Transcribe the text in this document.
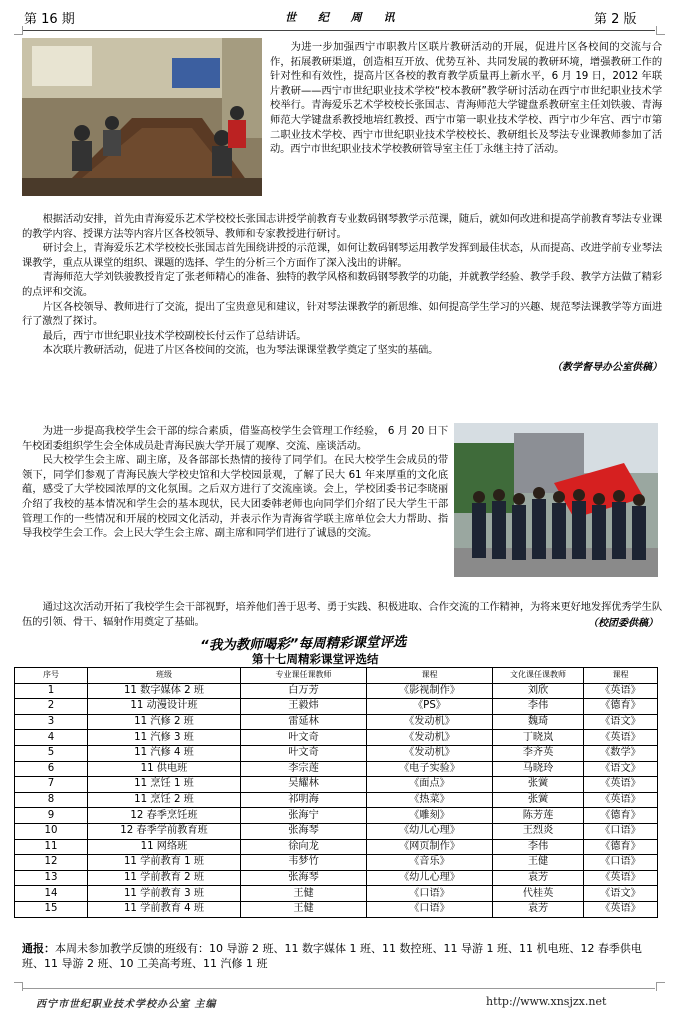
第 16 期	世 纪 周 讯	第 2 版

为进一步加强西宁市职教片区联片教研活动的开展，促进片区各校间的交流与合作，拓展教研渠道，创造相互开放、优势互补、共同发展的教研环境，增强教研工作的针对性和有效性，提高片区各校的教育教学质量再上新水平，6 月 19 日，2012 年联片教研——西宁市世纪职业技术学校“校本教研”教学研讨活动在西宁市世纪职业技术学校举行。青海爱乐艺术学校校长张国志、青海师范大学键盘系教研室主任刘铁骏、青海师范大学键盘系教授地培红教授、西宁市第一职业技术学校、西宁市少年宫、西宁市第二职业技术学校、西宁市世纪职业技术学校校长、教研组长及琴法专业课教师参加了活动。西宁市世纪职业技术学校教研管导室主任丁永继主持了活动。

根据活动安排，首先由青海爱乐艺术学校校长张国志讲授学前教育专业数码钢琴教学示范课，随后，就如何改进和提高学前教育琴法专业课的教学内容、授课方法等内容片区各校领导、教师和专家教授进行研讨。

研讨会上，青海爱乐艺术学校校长张国志首先围绕讲授的示范课，如何让数码钢琴运用教学发挥到最佳状态，从而提高、改进学前专业琴法课教学，重点从课堂的组织、课题的选择、学生的分析三个方面作了深入浅出的讲解。

青海师范大学刘铁骏教授肯定了张老师精心的准备、独特的教学风格和数码钢琴教学的功能，并就教学经验、教学手段、教学方法做了精彩的点评和交流。

片区各校领导、教师进行了交流，提出了宝贵意见和建议，针对琴法课教学的新思维、如何提高学生学习的兴趣、规范琴法课教学等方面进行了激烈了探讨。

最后，西宁市世纪职业技术学校副校长付云作了总结讲话。

本次联片教研活动，促进了片区各校间的交流，也为琴法课课堂教学奠定了坚实的基础。

（教学督导办公室供稿）

为进一步提高我校学生会干部的综合素质，借鉴高校学生会管理工作经验， 6 月 20 日下午校团委组织学生会全体成员赴青海民族大学开展了观摩、交流、座谈活动。

民大校学生会主席、副主席，及各部部长热情的接待了同学们。在民大校学生会成员的带领下，同学们参观了青海民族大学校史馆和大学校园景观，了解了民大 61 年来厚重的文化底蕴，感受了大学校园浓厚的文化氛围。之后双方进行了交流座谈。会上，学校团委书记李晓丽介绍了我校的基本情况和学生会的基本现状，民大团委韩老师也向同学们介绍了民大学生干部管理工作的一些情况和开展的校园文化活动，并表示作为青海省学联主席单位会大力帮助、指导我校学生会工作。会上民大学生会主席、副主席和同学们进行了诚恳的交流。

通过这次活动开拓了我校学生会干部视野，培养他们善于思考、勇于实践、积极进取、合作交流的工作精神，为将来更好地发挥优秀学生队伍的引领、骨干、辐射作用奠定了基础。	（校团委供稿）
“我为教师喝彩”每周精彩课堂评选
第十七周精彩课堂评选结
序号	班级	专业课任课教师	课程	文化课任课教师	课程
1	11 数字媒体 2 班	白万芳	《影视制作》	刘欣	《英语》
2	11 动漫设计班	王毅炜	《PS》	李伟	《德育》
3	11 汽修 2 班	雷延林	《发动机》	魏琦	《语文》
4	11 汽修 3 班	叶文奇	《发动机》	丁晓岚	《英语》
5	11 汽修 4 班	叶文奇	《发动机》	李齐英	《数学》
6	11 供电班	李宗莲	《电子实验》	马晓玲	《语文》
7	11 烹饪 1 班	吴耀林	《面点》	张黉	《英语》
8	11 烹饪 2 班	祁明海	《热菜》	张黉	《英语》
9	12 春季烹饪班	张海宁	《雕刻》	陈芳莲	《德育》
10	12 春季学前教育班	张海琴	《幼儿心理》	王烈炎	《口语》
11	11 网络班	徐向龙	《网页制作》	李伟	《德育》
12	11 学前教育 1 班	韦梦竹	《音乐》	王健	《口语》
13	11 学前教育 2 班	张海琴	《幼儿心理》	袁芳	《英语》
14	11 学前教育 3 班	王健	《口语》	代桂英	《语文》
15	11 学前教育 4 班	王健	《口语》	袁芳	《英语》
通报：本周未参加教学反馈的班级有：10 导游 2 班、11 数字媒体 1 班、11 数控班、11 导游 1 班、11 机电班、12 春季供电班、11 导游 2 班、10 工美高考班、11 汽修 1 班
西宁市世纪职业技术学校办公室 主编	http://www.xnsjzx.net
